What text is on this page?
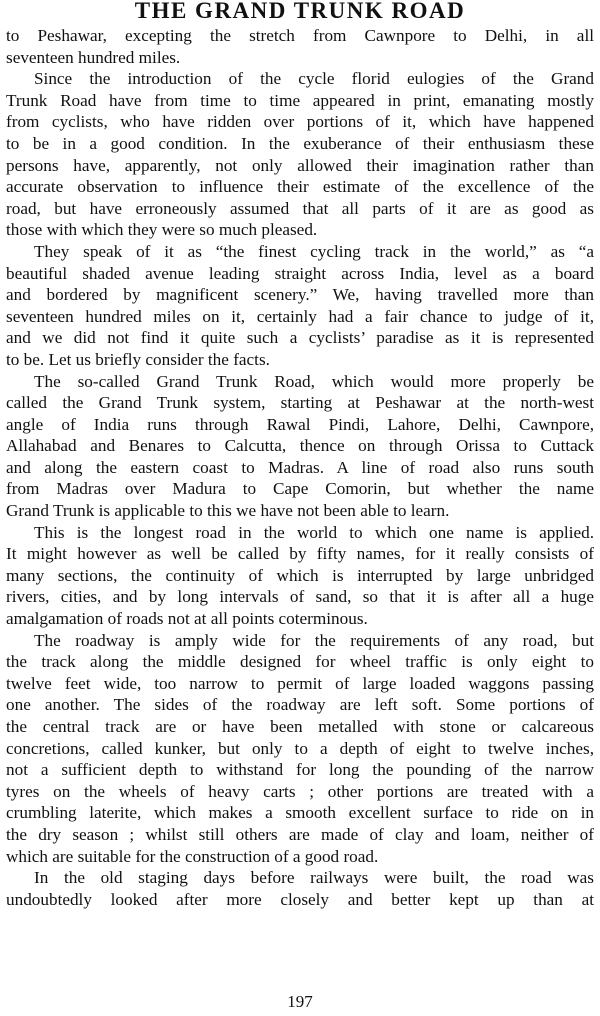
THE GRAND TRUNK ROAD

to Peshawar, excepting the stretch from Cawnpore to Delhi, in all
seventeen hundred miles.

Since the introduction of the cycle florid eulogies of the Grand
Trunk Road have from time to time appeared in print, emanating mostly
from cyclists, who have ridden over portions of it, which have happened
to be in a good condition. In the exuberance of their enthusiasm these
persons have, apparently, not only allowed their imagination rather than
accurate observation to influence their estimate of the excellence of the
road, but have erroneously assumed that all parts of it are as good as
those with which they were so much pleased.

They speak of it as “the finest cycling track in the world,” as “a
beautiful shaded avenue leading straight across India, level as a board
and bordered by magnificent scenery.” We, having travelled more than
seventeen hundred miles on it, certainly had a fair chance to judge of it,
and we did not find it quite such a cyclists’ paradise as it is represented
to be. Let us briefly consider the facts.

The so-called Grand Trunk Road, which would more properly be
called the Grand Trunk system, starting at Peshawar at the north-west
angle of India runs through Rawal Pindi, Lahore, Delhi, Cawnpore,
Allahabad and Benares to Calcutta, thence on through Orissa to Cuttack
and along the eastern coast to Madras. A line of road also runs south
from Madras over Madura to Cape Comorin, but whether the name
Grand Trunk is applicable to this we have not been able to learn.

This is the longest road in the world to which one name is applied.
It might however as well be called by fifty names, for it really consists of
many sections, the continuity of which is interrupted by large unbridged
rivers, cities, and by long intervals of sand, so that it is after all a huge
amalgamation of roads not at all points coterminous.

The roadway is amply wide for the requirements of any road, but
the track along the middle designed for wheel traffic is only eight to
twelve feet wide, too narrow to permit of large loaded waggons passing
one another. The sides of the roadway are left soft. Some portions of
the central track are or have been metalled with stone or calcareous
concretions, called kunker, but only to a depth of eight to twelve inches,
not a sufficient depth to withstand for long the pounding of the narrow
tyres on the wheels of heavy carts ; other portions are treated with a
crumbling laterite, which makes a smooth excellent surface to ride on in
the dry season ; whilst still others are made of clay and loam, neither of
which are suitable for the construction of a good road.

In the old staging days before railways were built, the road was
undoubtedly looked after more closely and better kept up than at

197
